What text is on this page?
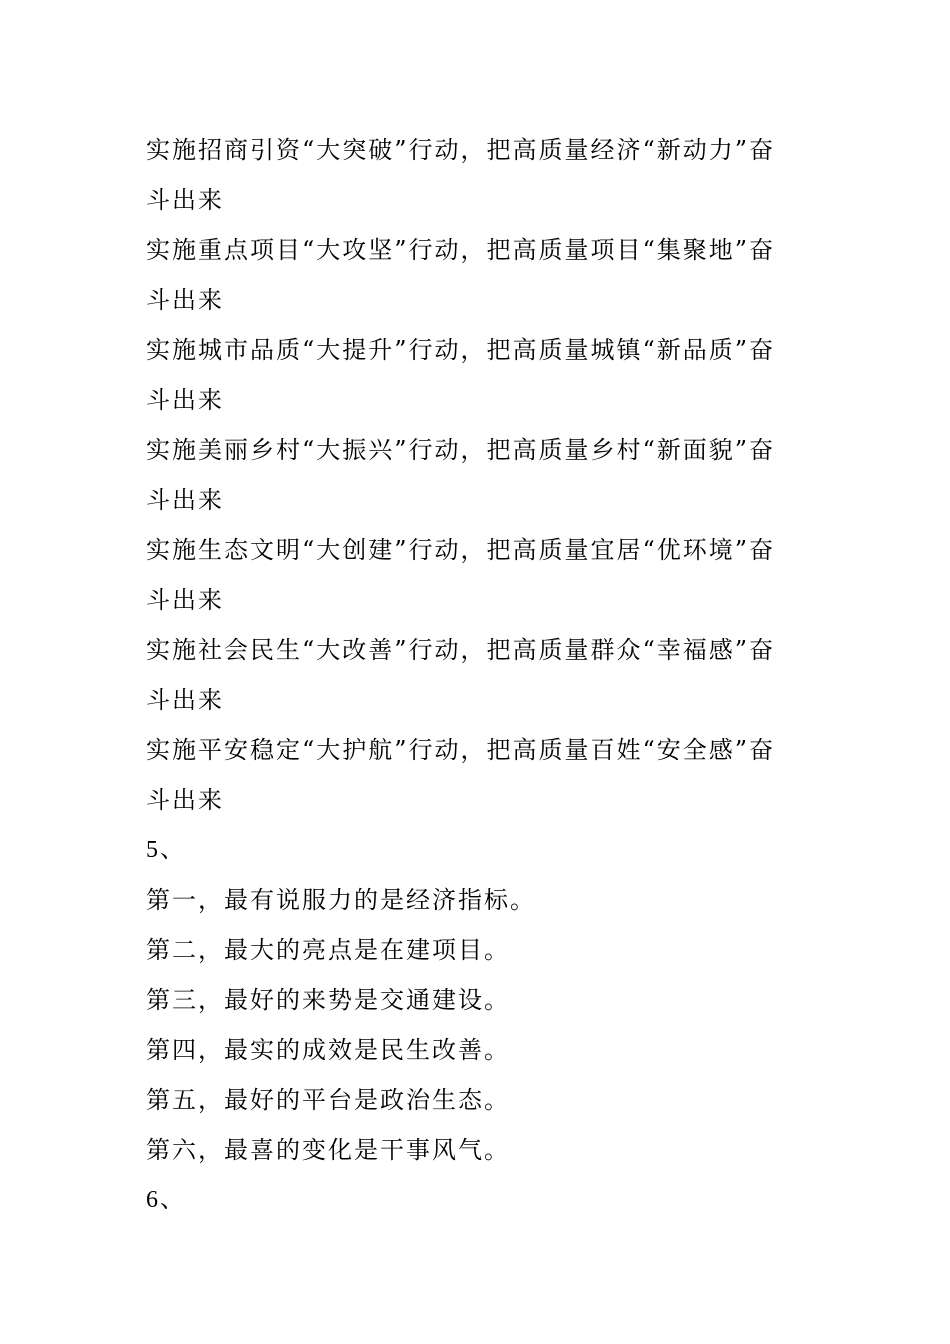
实施招商引资“大突破”行动，把高质量经济“新动力”奋
斗出来
实施重点项目“大攻坚”行动，把高质量项目“集聚地”奋
斗出来
实施城市品质“大提升”行动，把高质量城镇“新品质”奋
斗出来
实施美丽乡村“大振兴”行动，把高质量乡村“新面貌”奋
斗出来
实施生态文明“大创建”行动，把高质量宜居“优环境”奋
斗出来
实施社会民生“大改善”行动，把高质量群众“幸福感”奋
斗出来
实施平安稳定“大护航”行动，把高质量百姓“安全感”奋
斗出来
5、
第一，最有说服力的是经济指标。
第二，最大的亮点是在建项目。
第三，最好的来势是交通建设。
第四，最实的成效是民生改善。
第五，最好的平台是政治生态。
第六，最喜的变化是干事风气。
6、
